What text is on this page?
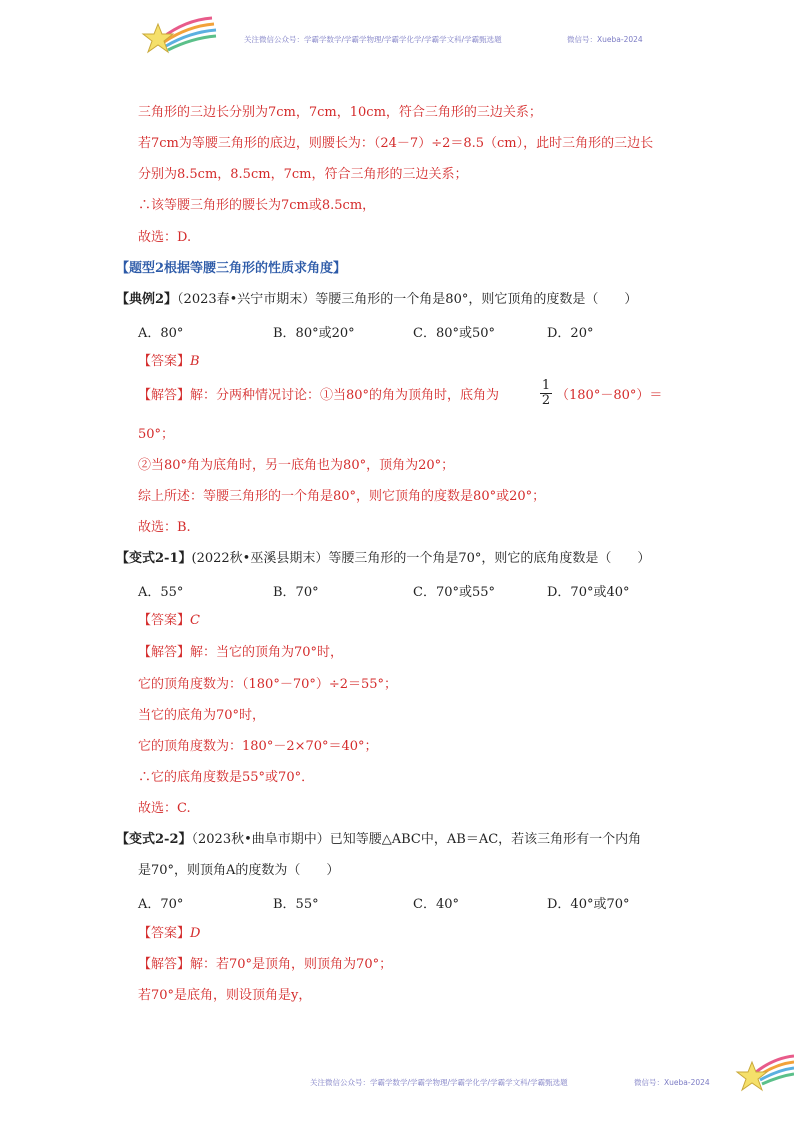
关注微信公众号：学霸学数学/学霸学物理/学霸学化学/学霸学文科/学霸甄选题	微信号：Xueba-2024
三角形的三边长分别为7cm，7cm，10cm，符合三角形的三边关系；
若7cm为等腰三角形的底边，则腰长为：（24－7）÷2＝8.5（cm），此时三角形的三边长
分别为8.5cm，8.5cm，7cm，符合三角形的三边关系；
∴该等腰三角形的腰长为7cm或8.5cm，
故选：D.
【题型2根据等腰三角形的性质求角度】
【典例2】（2023春•兴宁市期末）等腰三角形的一个角是80°，则它顶角的度数是（　　）
A．80°	B．80°或20°	C．80°或50°	D．20°
【答案】B
【解答】解：分两种情况讨论：①当80°的角为顶角时，底角为
1
2 （180°－80°）＝
50°；
②当80°角为底角时，另一底角也为80°，顶角为20°；
综上所述：等腰三角形的一个角是80°，则它顶角的度数是80°或20°；
故选：B.
【变式2-1】(2022秋•巫溪县期末）等腰三角形的一个角是70°，则它的底角度数是（　　）
A．55°	B．70°	C．70°或55°	D．70°或40°
【答案】C
【解答】解：当它的顶角为70°时，
它的顶角度数为：（180°－70°）÷2＝55°；
当它的底角为70°时，
它的顶角度数为：180°－2×70°＝40°；
∴它的底角度数是55°或70°．
故选：C.
【变式2-2】（2023秋•曲阜市期中）已知等腰△ABC中，AB＝AC，若该三角形有一个内角
是70°，则顶角A的度数为（　　）
A．70°	B．55°	C．40°	D．40°或70°
【答案】D
【解答】解：若70°是顶角，则顶角为70°；
若70°是底角，则设顶角是y，
关注微信公众号：学霸学数学/学霸学物理/学霸学化学/学霸学文科/学霸甄选题	微信号：Xueba-2024
